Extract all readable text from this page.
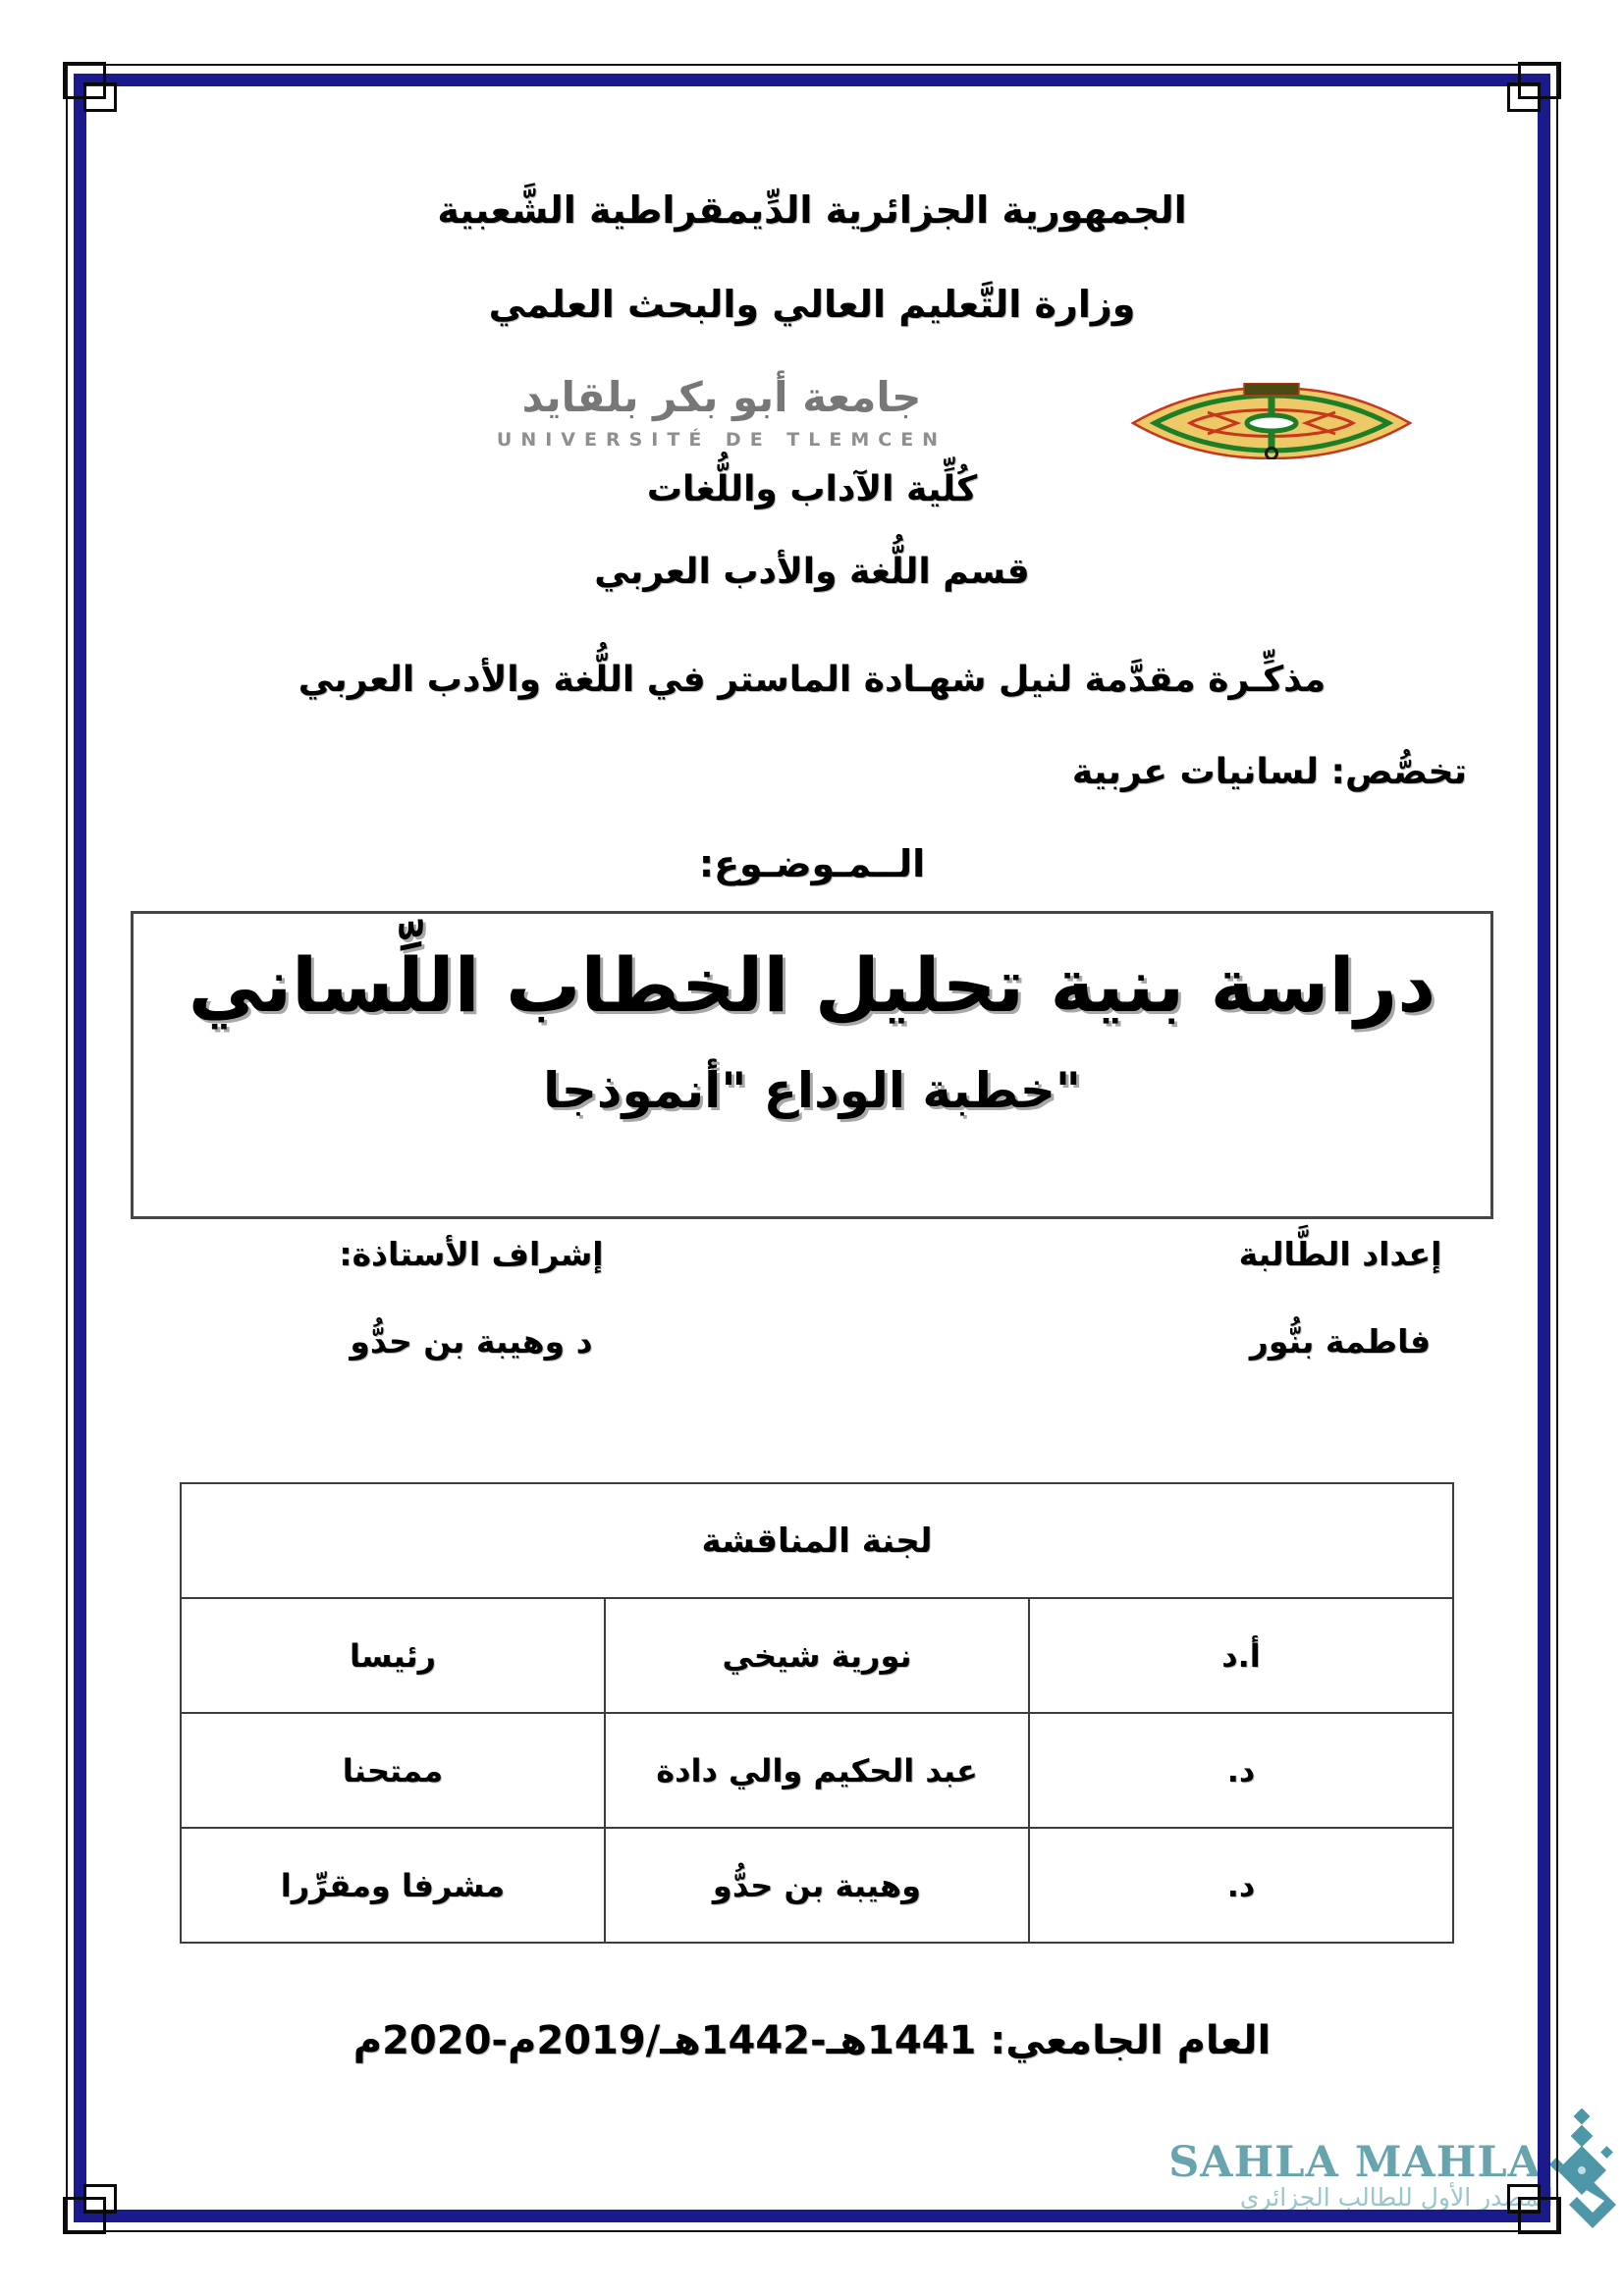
الجمهورية الجزائرية الدِّيمقراطية الشَّعبية
وزارة التَّعليم العالي والبحث العلمي
جامعة أبو بكر بلقايد
UNIVERSITÉ DE TLEMCEN
كُلِّية الآداب واللُّغات
قسم اللُّغة والأدب العربي
مذكِّـرة مقدَّمة لنيل شهـادة الماستر في اللُّغة والأدب العربي
تخصُّص: لسانيات عربية
الــمـوضـوع:
دراسة بنية تحليل الخطاب اللِّساني
"خطبة الوداع "أنموذجا
إعداد الطَّالبة
فاطمة بنُّور
إشراف الأستاذة:
د وهيبة بن حدُّو
لجنة المناقشة		
أ.د	نورية شيخي	رئيسا
د.	عبد الحكيم والي دادة	ممتحنا
د.	وهيبة بن حدُّو	مشرفا ومقرِّرا
العام الجامعي: 1441هـ-1442هـ/2019م-2020م
SAHLA MAHLA
المصدر الأول للطالب الجزائري
